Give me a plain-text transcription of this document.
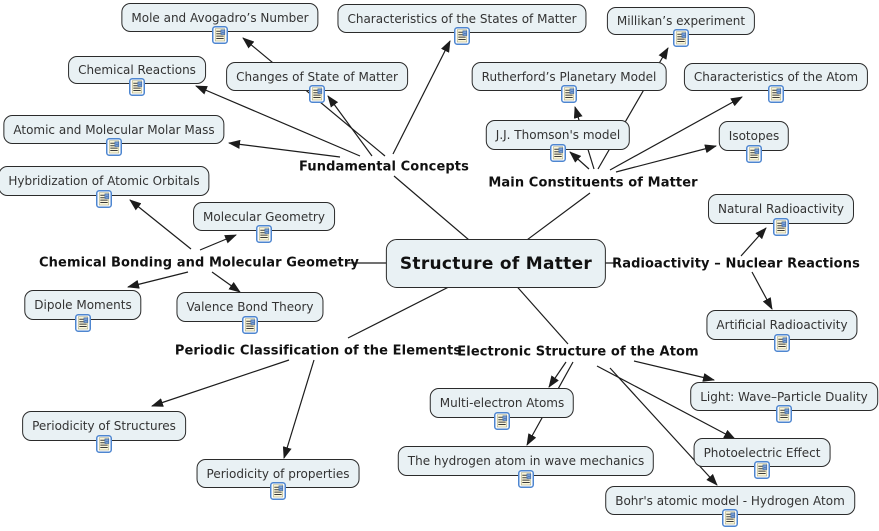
Structure of Matter
Mole and Avogadro’s Number	Characteristics of the States of Matter	Millikan’s experiment
Chemical Reactions	Changes of State of Matter	Rutherford’s Planetary Model	Characteristics of the Atom
Atomic and Molecular Molar Mass	J.J. Thomson's model	Isotopes
Hybridization of Atomic Orbitals
Natural Radioactivity
Molecular Geometry
Dipole Moments	Valence Bond Theory
Artificial Radioactivity
Periodicity of Structures
Multi-electron Atoms	Light: Wave–Particle Duality
The hydrogen atom in wave mechanics
Photoelectric Effect
Periodicity of properties
Bohr's atomic model - Hydrogen Atom
Fundamental Concepts
Main Constituents of Matter
Chemical Bonding and Molecular Geometry	Radioactivity – Nuclear Reactions
Periodic Classification of the Elements
Electronic Structure of the Atom
